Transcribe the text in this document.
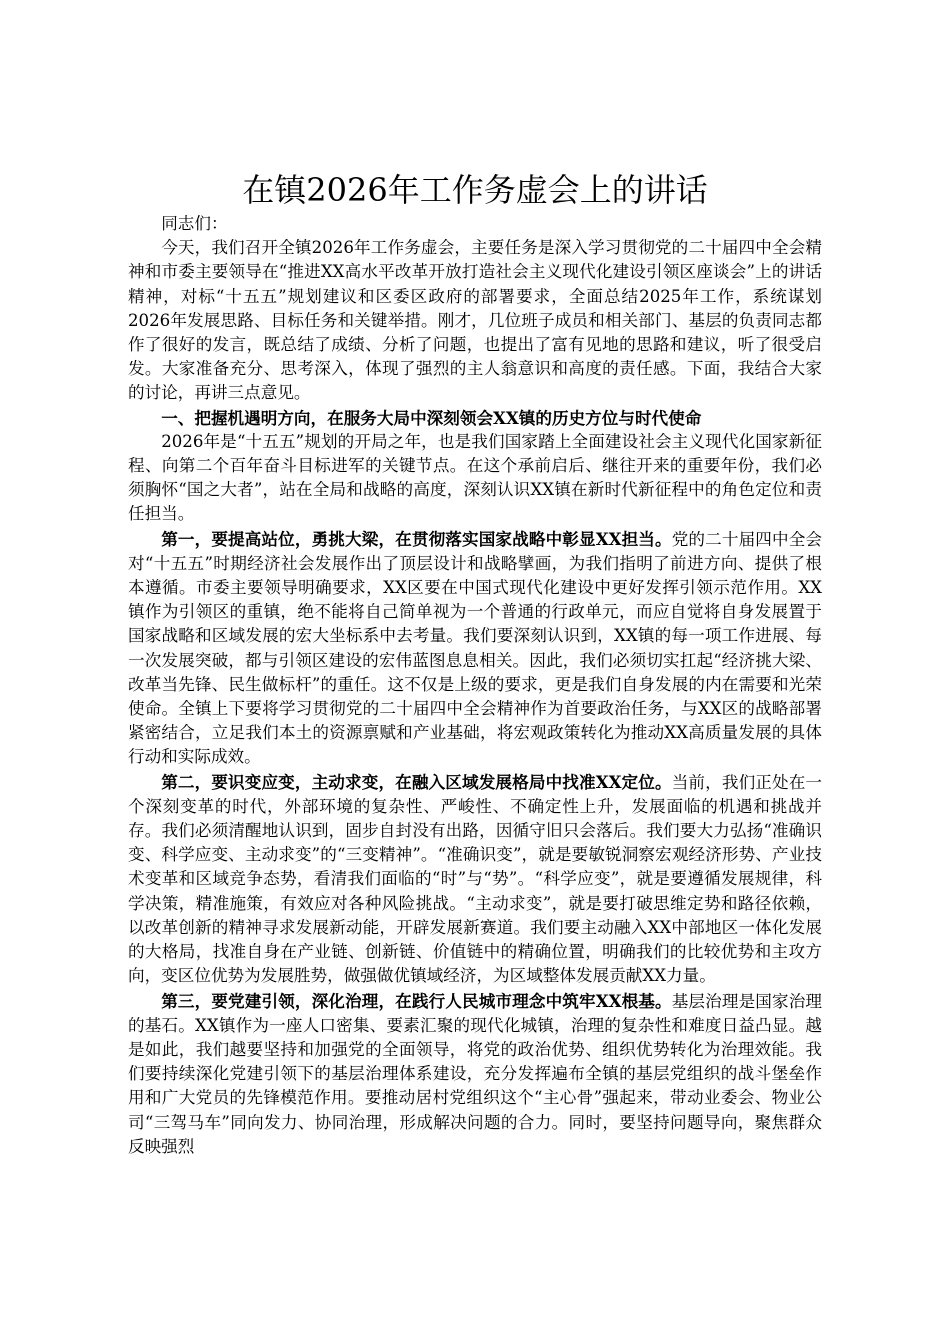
在镇2026年工作务虚会上的讲话

同志们：

今天，我们召开全镇2026年工作务虚会，主要任务是深入学习贯彻党的二十届四中全会精神和市委主要领导在“推进XX高水平改革开放打造社会主义现代化建设引领区座谈会”上的讲话精神，对标“十五五”规划建议和区委区政府的部署要求，全面总结2025年工作，系统谋划2026年发展思路、目标任务和关键举措。刚才，几位班子成员和相关部门、基层的负责同志都作了很好的发言，既总结了成绩、分析了问题，也提出了富有见地的思路和建议，听了很受启发。大家准备充分、思考深入，体现了强烈的主人翁意识和高度的责任感。下面，我结合大家的讨论，再讲三点意见。

一、把握机遇明方向，在服务大局中深刻领会XX镇的历史方位与时代使命

2026年是“十五五”规划的开局之年，也是我们国家踏上全面建设社会主义现代化国家新征程、向第二个百年奋斗目标进军的关键节点。在这个承前启后、继往开来的重要年份，我们必须胸怀“国之大者”，站在全局和战略的高度，深刻认识XX镇在新时代新征程中的角色定位和责任担当。

第一，要提高站位，勇挑大梁，在贯彻落实国家战略中彰显XX担当。党的二十届四中全会对“十五五”时期经济社会发展作出了顶层设计和战略擘画，为我们指明了前进方向、提供了根本遵循。市委主要领导明确要求，XX区要在中国式现代化建设中更好发挥引领示范作用。XX镇作为引领区的重镇，绝不能将自己简单视为一个普通的行政单元，而应自觉将自身发展置于国家战略和区域发展的宏大坐标系中去考量。我们要深刻认识到，XX镇的每一项工作进展、每一次发展突破，都与引领区建设的宏伟蓝图息息相关。因此，我们必须切实扛起“经济挑大梁、改革当先锋、民生做标杆”的重任。这不仅是上级的要求，更是我们自身发展的内在需要和光荣使命。全镇上下要将学习贯彻党的二十届四中全会精神作为首要政治任务，与XX区的战略部署紧密结合，立足我们本土的资源禀赋和产业基础，将宏观政策转化为推动XX高质量发展的具体行动和实际成效。

第二，要识变应变，主动求变，在融入区域发展格局中找准XX定位。当前，我们正处在一个深刻变革的时代，外部环境的复杂性、严峻性、不确定性上升，发展面临的机遇和挑战并存。我们必须清醒地认识到，固步自封没有出路，因循守旧只会落后。我们要大力弘扬“准确识变、科学应变、主动求变”的“三变精神”。“准确识变”，就是要敏锐洞察宏观经济形势、产业技术变革和区域竞争态势，看清我们面临的“时”与“势”。“科学应变”，就是要遵循发展规律，科学决策，精准施策，有效应对各种风险挑战。“主动求变”，就是要打破思维定势和路径依赖，以改革创新的精神寻求发展新动能，开辟发展新赛道。我们要主动融入XX中部地区一体化发展的大格局，找准自身在产业链、创新链、价值链中的精确位置，明确我们的比较优势和主攻方向，变区位优势为发展胜势，做强做优镇域经济，为区域整体发展贡献XX力量。

第三，要党建引领，深化治理，在践行人民城市理念中筑牢XX根基。基层治理是国家治理的基石。XX镇作为一座人口密集、要素汇聚的现代化城镇，治理的复杂性和难度日益凸显。越是如此，我们越要坚持和加强党的全面领导，将党的政治优势、组织优势转化为治理效能。我们要持续深化党建引领下的基层治理体系建设，充分发挥遍布全镇的基层党组织的战斗堡垒作用和广大党员的先锋模范作用。要推动居村党组织这个“主心骨”强起来，带动业委会、物业公司“三驾马车”同向发力、协同治理，形成解决问题的合力。同时，要坚持问题导向，聚焦群众反映强烈
